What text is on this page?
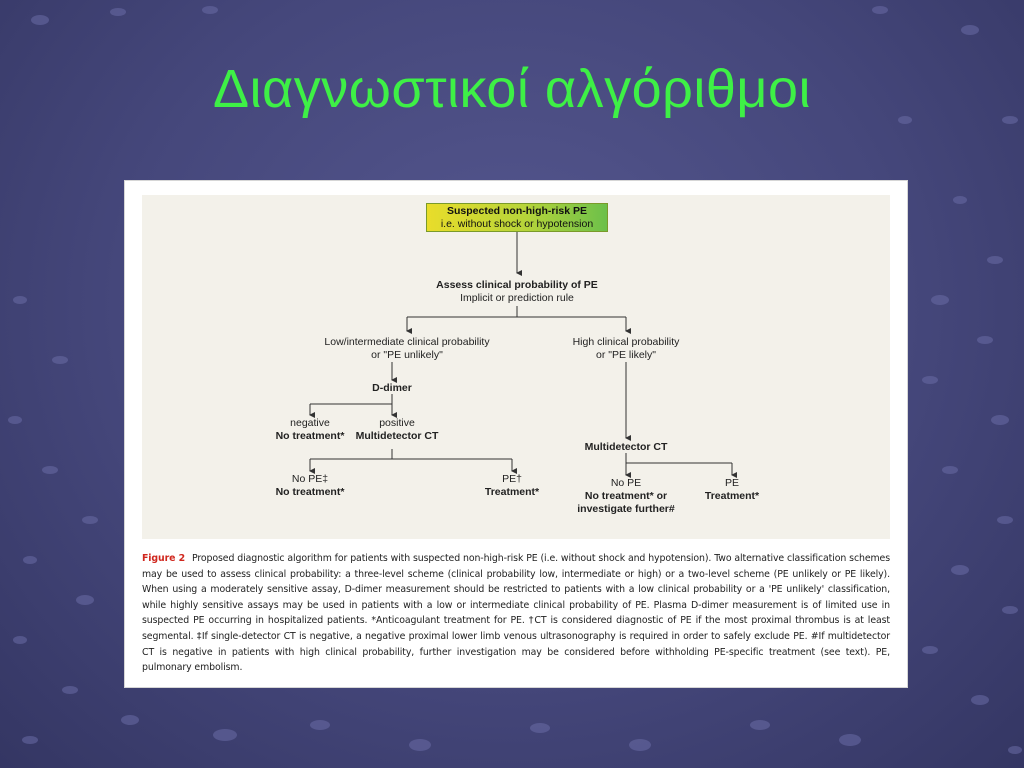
Διαγνωστικοί αλγόριθμοι
Suspected non-high-risk PE
i.e. without shock or hypotension
Assess clinical probability of PE
Implicit or prediction rule
Low/intermediate clinical probability
or "PE unlikely"
High clinical probability
or "PE likely"
D-dimer
negative
No treatment*
positive
Multidetector CT
Multidetector CT
No PE‡
No treatment*
PE†
Treatment*
No PE
No treatment* or
investigate further#
PE
Treatment*
Figure 2 Proposed diagnostic algorithm for patients with suspected non-high-risk PE (i.e. without shock and hypotension). Two alternative classification schemes may be used to assess clinical probability: a three-level scheme (clinical probability low, intermediate or high) or a two-level scheme (PE unlikely or PE likely). When using a moderately sensitive assay, D-dimer measurement should be restricted to patients with a low clinical probability or a 'PE unlikely' classification, while highly sensitive assays may be used in patients with a low or intermediate clinical probability of PE. Plasma D-dimer measurement is of limited use in suspected PE occurring in hospitalized patients. *Anticoagulant treatment for PE. †CT is considered diagnostic of PE if the most proximal thrombus is at least segmental. ‡If single-detector CT is negative, a negative proximal lower limb venous ultrasonography is required in order to safely exclude PE. #If multidetector CT is negative in patients with high clinical probability, further investigation may be considered before withholding PE-specific treatment (see text). PE, pulmonary embolism.
